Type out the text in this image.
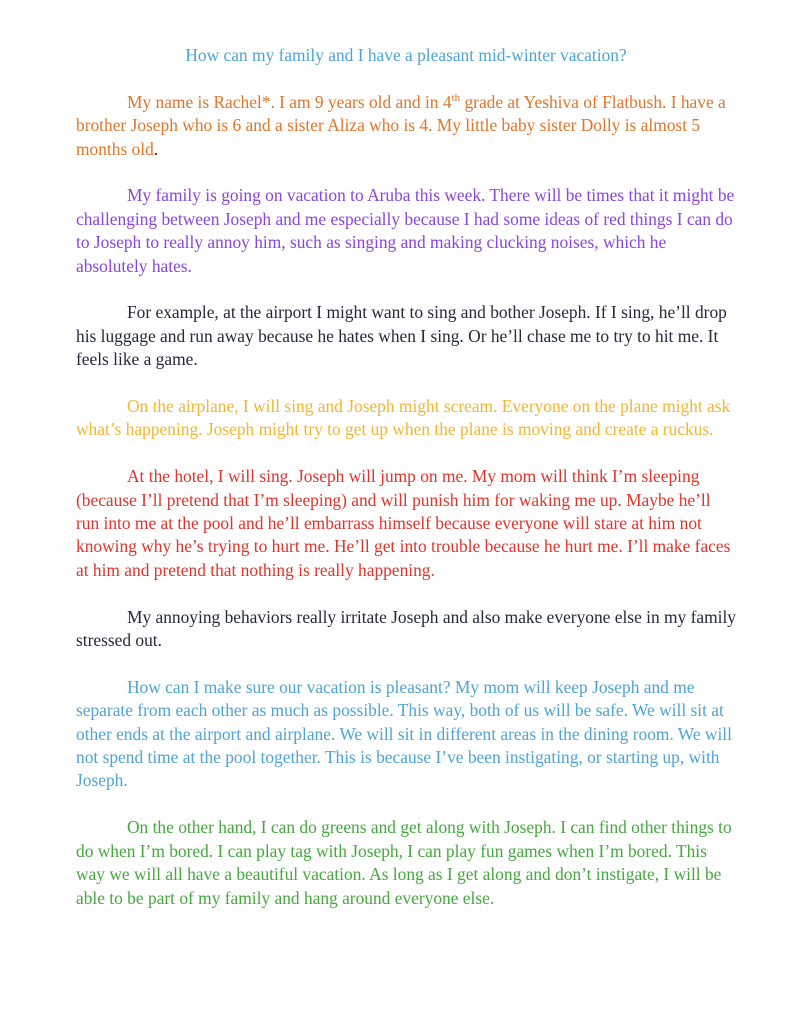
How can my family and I have a pleasant mid-winter vacation?

My name is Rachel*. I am 9 years old and in 4th grade at Yeshiva of Flatbush. I have a brother Joseph who is 6 and a sister Aliza who is 4. My little baby sister Dolly is almost 5 months old.

My family is going on vacation to Aruba this week. There will be times that it might be challenging between Joseph and me especially because I had some ideas of red things I can do to Joseph to really annoy him, such as singing and making clucking noises, which he absolutely hates.

For example, at the airport I might want to sing and bother Joseph. If I sing, he’ll drop his luggage and run away because he hates when I sing. Or he’ll chase me to try to hit me. It feels like a game.

On the airplane, I will sing and Joseph might scream. Everyone on the plane might ask what’s happening. Joseph might try to get up when the plane is moving and create a ruckus.

At the hotel, I will sing. Joseph will jump on me. My mom will think I’m sleeping (because I’ll pretend that I’m sleeping) and will punish him for waking me up. Maybe he’ll run into me at the pool and he’ll embarrass himself because everyone will stare at him not knowing why he’s trying to hurt me. He’ll get into trouble because he hurt me. I’ll make faces at him and pretend that nothing is really happening.

My annoying behaviors really irritate Joseph and also make everyone else in my family stressed out.

How can I make sure our vacation is pleasant? My mom will keep Joseph and me separate from each other as much as possible. This way, both of us will be safe. We will sit at other ends at the airport and airplane. We will sit in different areas in the dining room. We will not spend time at the pool together. This is because I’ve been instigating, or starting up, with Joseph.

On the other hand, I can do greens and get along with Joseph. I can find other things to do when I’m bored. I can play tag with Joseph, I can play fun games when I’m bored. This way we will all have a beautiful vacation. As long as I get along and don’t instigate, I will be able to be part of my family and hang around everyone else.
